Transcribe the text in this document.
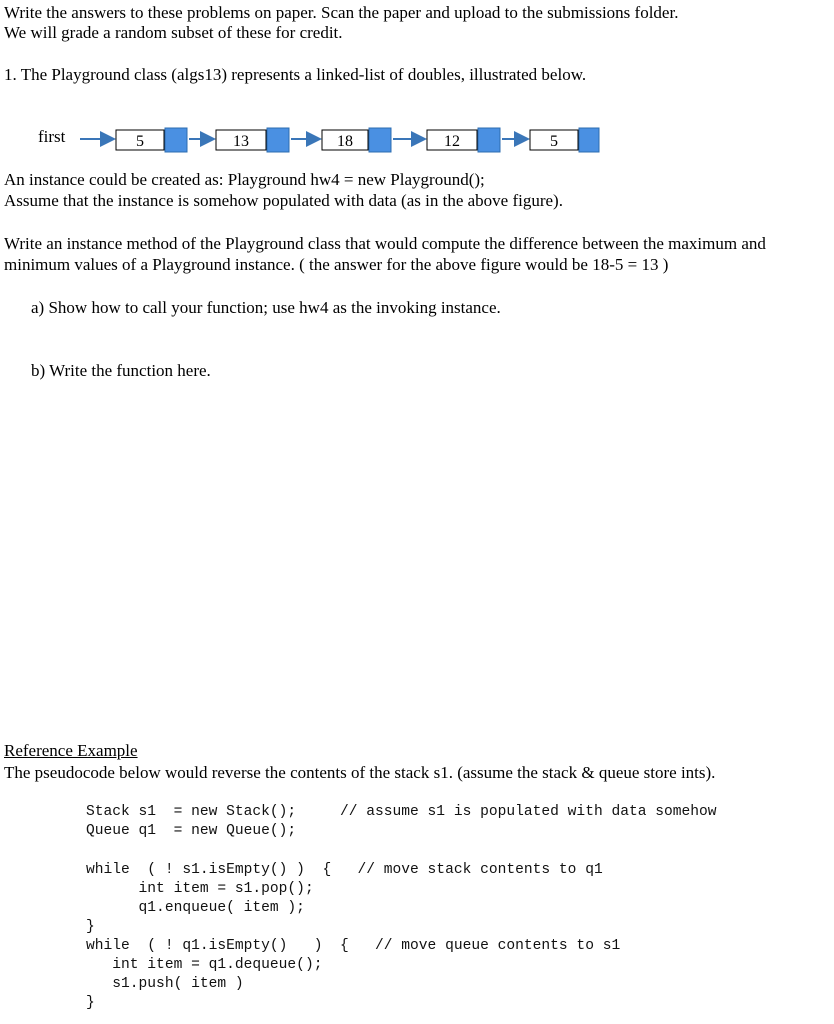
Write the answers to these problems on paper. Scan the paper and upload to the submissions folder.
We will grade a random subset of these for credit.
1. The Playground class (algs13) represents a linked-list of doubles, illustrated below.
first	5	13	18	12	5
An instance could be created as: Playground hw4 = new Playground();
Assume that the instance is somehow populated with data (as in the above figure).
Write an instance method of the Playground class that would compute the difference between the maximum and
minimum values of a Playground instance. ( the answer for the above figure would be 18-5 = 13 )
a) Show how to call your function; use hw4 as the invoking instance.
b) Write the function here.
Reference Example
The pseudocode below would reverse the contents of the stack s1. (assume the stack & queue store ints).
Stack s1  = new Stack();     // assume s1 is populated with data somehow
Queue q1  = new Queue();
while  ( ! s1.isEmpty() )  {   // move stack contents to q1
int item = s1.pop();
q1.enqueue( item );
}
while  ( ! q1.isEmpty()   )  {   // move queue contents to s1
int item = q1.dequeue();
s1.push( item )
}
